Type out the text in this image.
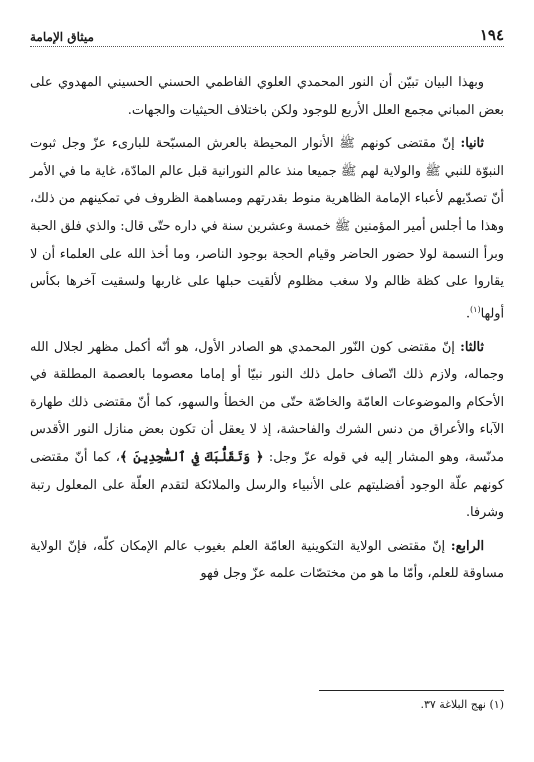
١٩٤
ميثاق الإمامة

وبهذا البيان تبيّن أن النور المحمدي العلوي الفاطمي الحسني الحسيني المهدوي على بعض المباني مجمع العلل الأربع للوجود ولكن باختلاف الحيثيات والجهات.

ثانيا: إنّ مقتضى كونهم ﷺ الأنوار المحيطة بالعرش المسبّحة للبارىء عزّ وجل ثبوت النبوّة للنبي ﷺ والولاية لهم ﷺ جميعا منذ عالم النورانية قبل عالم المادّة، غاية ما في الأمر أنّ تصدّيهم لأعباء الإمامة الظاهرية منوط بقدرتهم ومساهمة الظروف في تمكينهم من ذلك، وهذا ما أجلس أمير المؤمنين ﷺ خمسة وعشرين سنة في داره حتّى قال: والذي فلق الحبة وبرأ النسمة لولا حضور الحاضر وقيام الحجة بوجود الناصر، وما أخذ الله على العلماء أن لا يقاروا على كظة ظالم ولا سغب مظلوم لألقيت حبلها على غاربها ولسقيت آخرها بكأس أولها$^{(١)}$.

ثالثا: إنّ مقتضى كون النّور المحمدي هو الصادر الأول، هو أنّه أكمل مظهر لجلال الله وجماله، ولازم ذلك اتّصاف حامل ذلك النور نبيّا أو إماما معصوما بالعصمة المطلقة في الأحكام والموضوعات العامّة والخاصّة حتّى من الخطأ والسهو، كما أنّ مقتضى ذلك طهارة الآباء والأعراق من دنس الشرك والفاحشة، إذ لا يعقل أن تكون بعض منازل النور الأقدس مدنّسة، وهو المشار إليه في قوله عزّ وجل: ﴿ وَتَقَلُّبَكَ فِي ٱلسَّٰجِدِينَ ﴾، كما أنّ مقتضى كونهم علّة الوجود أفضليتهم على الأنبياء والرسل والملائكة لتقدم العلّة على المعلول رتبة وشرفا.

الرابع: إنّ مقتضى الولاية التكوينية العامّة العلم بغيوب عالم الإمكان كلّه، فإنّ الولاية مساوقة للعلم، وأمّا ما هو من مختصّات علمه عزّ وجل فهو

(١) نهج البلاغة ٣٧.
